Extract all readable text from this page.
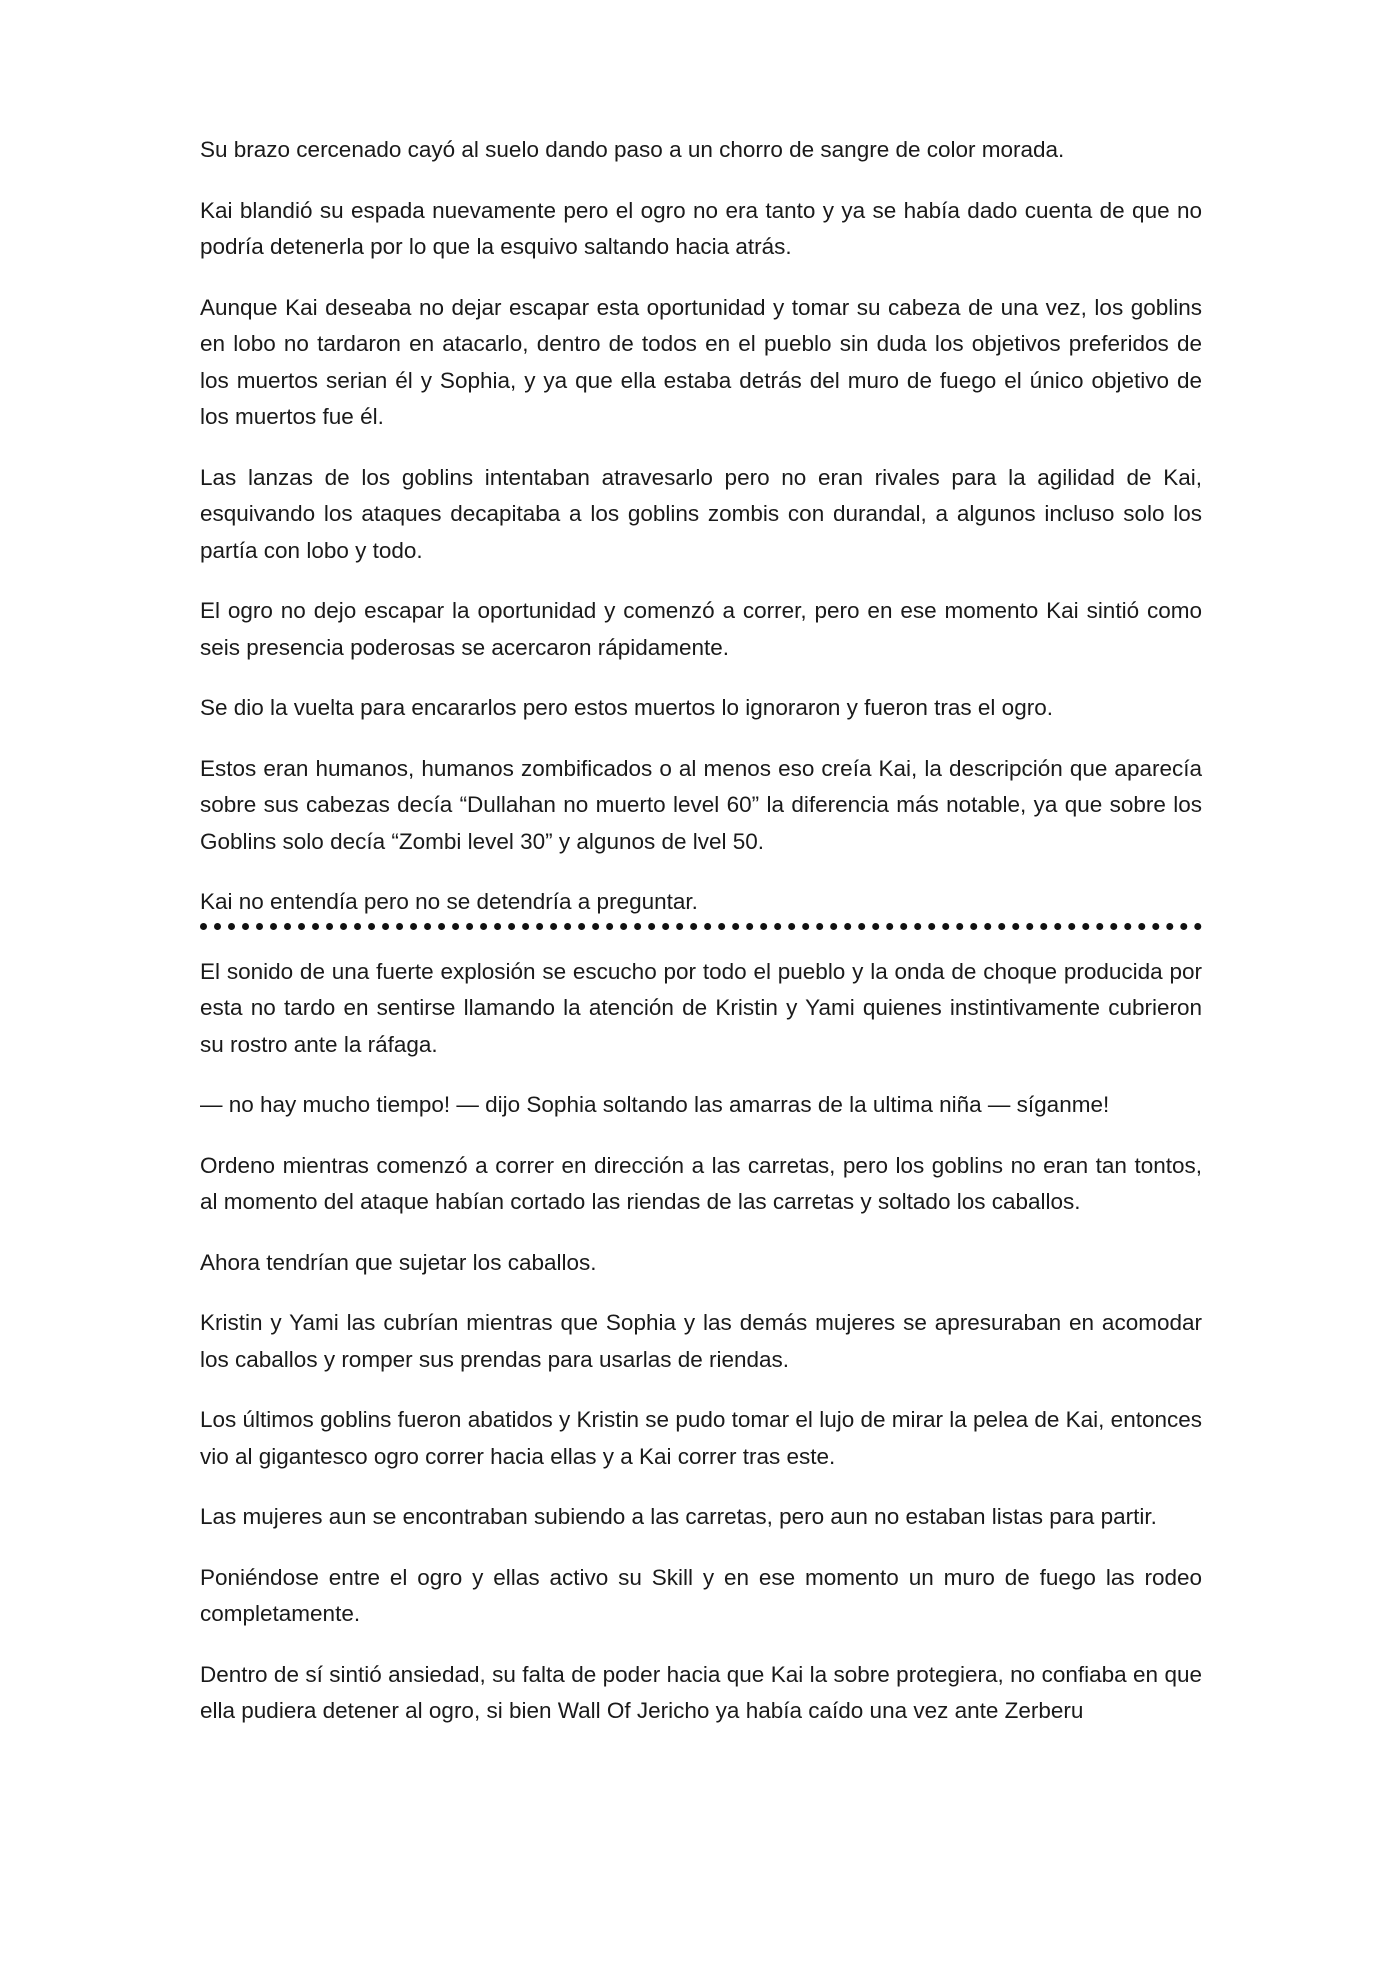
Su brazo cercenado cayó al suelo dando paso a un chorro de sangre de color morada.

Kai blandió su espada nuevamente pero el ogro no era tanto y ya se había dado cuenta de que no podría detenerla por lo que la esquivo saltando hacia atrás.

Aunque Kai deseaba no dejar escapar esta oportunidad y tomar su cabeza de una vez, los goblins en lobo no tardaron en atacarlo, dentro de todos en el pueblo sin duda los objetivos preferidos de los muertos serian él y Sophia, y ya que ella estaba detrás del muro de fuego el único objetivo de los muertos fue él.

Las lanzas de los goblins intentaban atravesarlo pero no eran rivales para la agilidad de Kai, esquivando los ataques decapitaba a los goblins zombis con durandal, a algunos incluso solo los partía con lobo y todo.

El ogro no dejo escapar la oportunidad y comenzó a correr, pero en ese momento Kai sintió como seis presencia poderosas se acercaron rápidamente.

Se dio la vuelta para encararlos pero estos muertos lo ignoraron y fueron tras el ogro.

Estos eran humanos, humanos zombificados o al menos eso creía Kai, la descripción que aparecía sobre sus cabezas decía “Dullahan no muerto level 60” la diferencia más notable, ya que sobre los Goblins solo decía “Zombi level 30” y algunos de lvel 50.

Kai no entendía pero no se detendría a preguntar.

El sonido de una fuerte explosión se escucho por todo el pueblo y la onda de choque producida por esta no tardo en sentirse llamando la atención de Kristin y Yami quienes instintivamente cubrieron su rostro ante la ráfaga.

— no hay mucho tiempo! — dijo Sophia soltando las amarras de la ultima niña — síganme!

Ordeno mientras comenzó a correr en dirección a las carretas, pero los goblins no eran tan tontos, al momento del ataque habían cortado las riendas de las carretas y soltado los caballos.

Ahora tendrían que sujetar los caballos.

Kristin y Yami las cubrían mientras que Sophia y las demás mujeres se apresuraban en acomodar los caballos y romper sus prendas para usarlas de riendas.

Los últimos goblins fueron abatidos y Kristin se pudo tomar el lujo de mirar la pelea de Kai, entonces vio al gigantesco ogro correr hacia ellas y a Kai correr tras este.

Las mujeres aun se encontraban subiendo a las carretas, pero aun no estaban listas para partir.

Poniéndose entre el ogro y ellas activo su Skill y en ese momento un muro de fuego las rodeo completamente.

Dentro de sí sintió ansiedad, su falta de poder hacia que Kai la sobre protegiera, no confiaba en que ella pudiera detener al ogro, si bien Wall Of Jericho ya había caído una vez ante Zerberu
